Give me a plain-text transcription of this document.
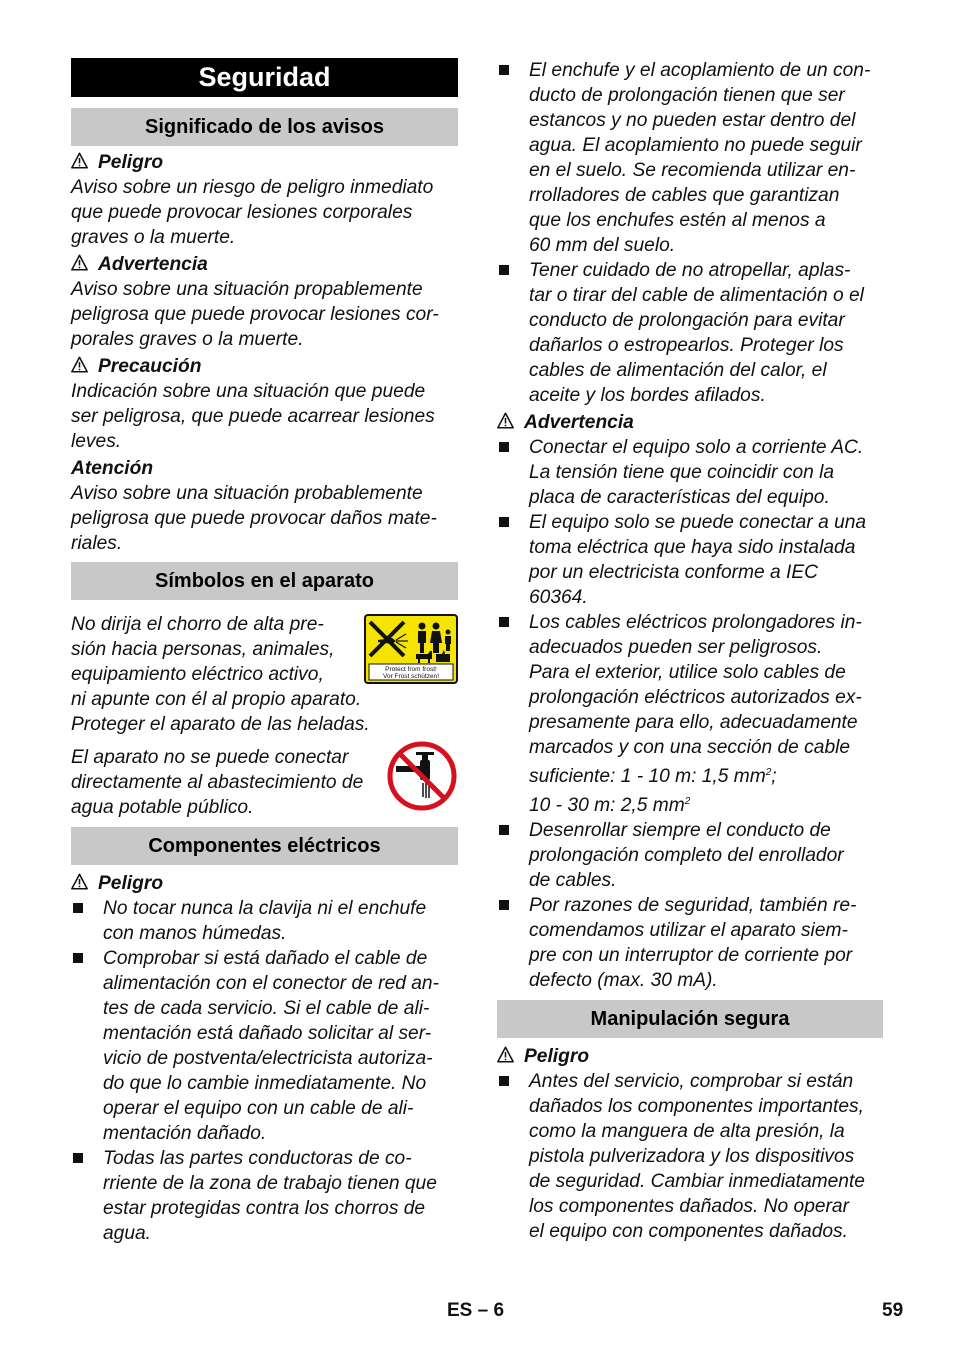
Seguridad
Significado de los avisos
Peligro
Aviso sobre un riesgo de peligro inmediato
que puede provocar lesiones corporales
graves o la muerte.
Advertencia
Aviso sobre una situación propablemente
peligrosa que puede provocar lesiones cor-
porales graves o la muerte.
Precaución
Indicación sobre una situación que puede
ser peligrosa, que puede acarrear lesiones
leves.
Atención
Aviso sobre una situación probablemente
peligrosa que puede provocar daños mate-
riales.
Símbolos en el aparato
Protect from frost!
Vor Frost schützen!
No dirija el chorro de alta pre-
sión hacia personas, animales,
equipamiento eléctrico activo,
ni apunte con él al propio aparato.
Proteger el aparato de las heladas.
El aparato no se puede conectar
directamente al abastecimiento de
agua potable público.
Componentes eléctricos
Peligro
No tocar nunca la clavija ni el enchufe
con manos húmedas.
Comprobar si está dañado el cable de
alimentación con el conector de red an-
tes de cada servicio. Si el cable de ali-
mentación está dañado solicitar al ser-
vicio de postventa/electricista autoriza-
do que lo cambie inmediatamente. No
operar el equipo con un cable de ali-
mentación dañado.
Todas las partes conductoras de co-
rriente de la zona de trabajo tienen que
estar protegidas contra los chorros de
agua.
El enchufe y el acoplamiento de un con-
ducto de prolongación tienen que ser
estancos y no pueden estar dentro del
agua. El acoplamiento no puede seguir
en el suelo. Se recomienda utilizar en-
rrolladores de cables que garantizan
que los enchufes estén al menos a
60 mm del suelo.
Tener cuidado de no atropellar, aplas-
tar o tirar del cable de alimentación o el
conducto de prolongación para evitar
dañarlos o estropearlos. Proteger los
cables de alimentación del calor, el
aceite y los bordes afilados.
Advertencia
Conectar el equipo solo a corriente AC.
La tensión tiene que coincidir con la
placa de características del equipo.
El equipo solo se puede conectar a una
toma eléctrica que haya sido instalada
por un electricista conforme a IEC
60364.
Los cables eléctricos prolongadores in-
adecuados pueden ser peligrosos.
Para el exterior, utilice solo cables de
prolongación eléctricos autorizados ex-
presamente para ello, adecuadamente
marcados y con una sección de cable
suficiente: 1 - 10 m: 1,5 $mm^2$;
10 - 30 m: 2,5 $mm^2$
Desenrollar siempre el conducto de
prolongación completo del enrollador
de cables.
Por razones de seguridad, también re-
comendamos utilizar el aparato siem-
pre con un interruptor de corriente por
defecto (max. 30 mA).
Manipulación segura
Peligro
Antes del servicio, comprobar si están
dañados los componentes importantes,
como la manguera de alta presión, la
pistola pulverizadora y los dispositivos
de seguridad. Cambiar inmediatamente
los componentes dañados. No operar
el equipo con componentes dañados.
ES – 6	59
